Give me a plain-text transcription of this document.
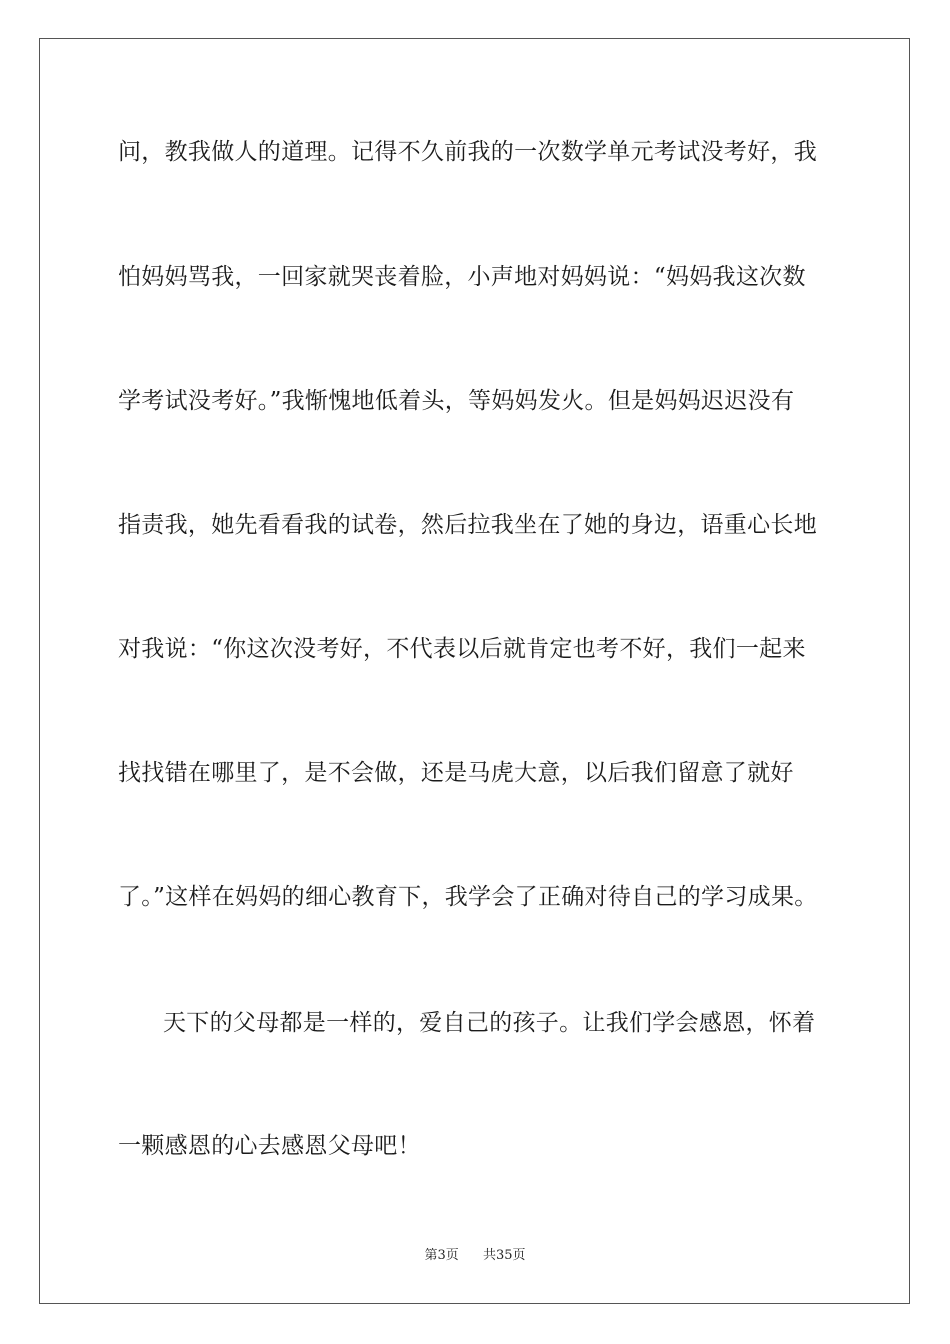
问，教我做人的道理。记得不久前我的一次数学单元考试没考好，我
怕妈妈骂我，一回家就哭丧着脸，小声地对妈妈说：“妈妈我这次数
学考试没考好。”我惭愧地低着头，等妈妈发火。但是妈妈迟迟没有
指责我，她先看看我的试卷，然后拉我坐在了她的身边，语重心长地
对我说：“你这次没考好，不代表以后就肯定也考不好，我们一起来
找找错在哪里了，是不会做，还是马虎大意，以后我们留意了就好
了。”这样在妈妈的细心教育下，我学会了正确对待自己的学习成果。
天下的父母都是一样的，爱自己的孩子。让我们学会感恩，怀着
一颗感恩的心去感恩父母吧！
第3页 共35页
